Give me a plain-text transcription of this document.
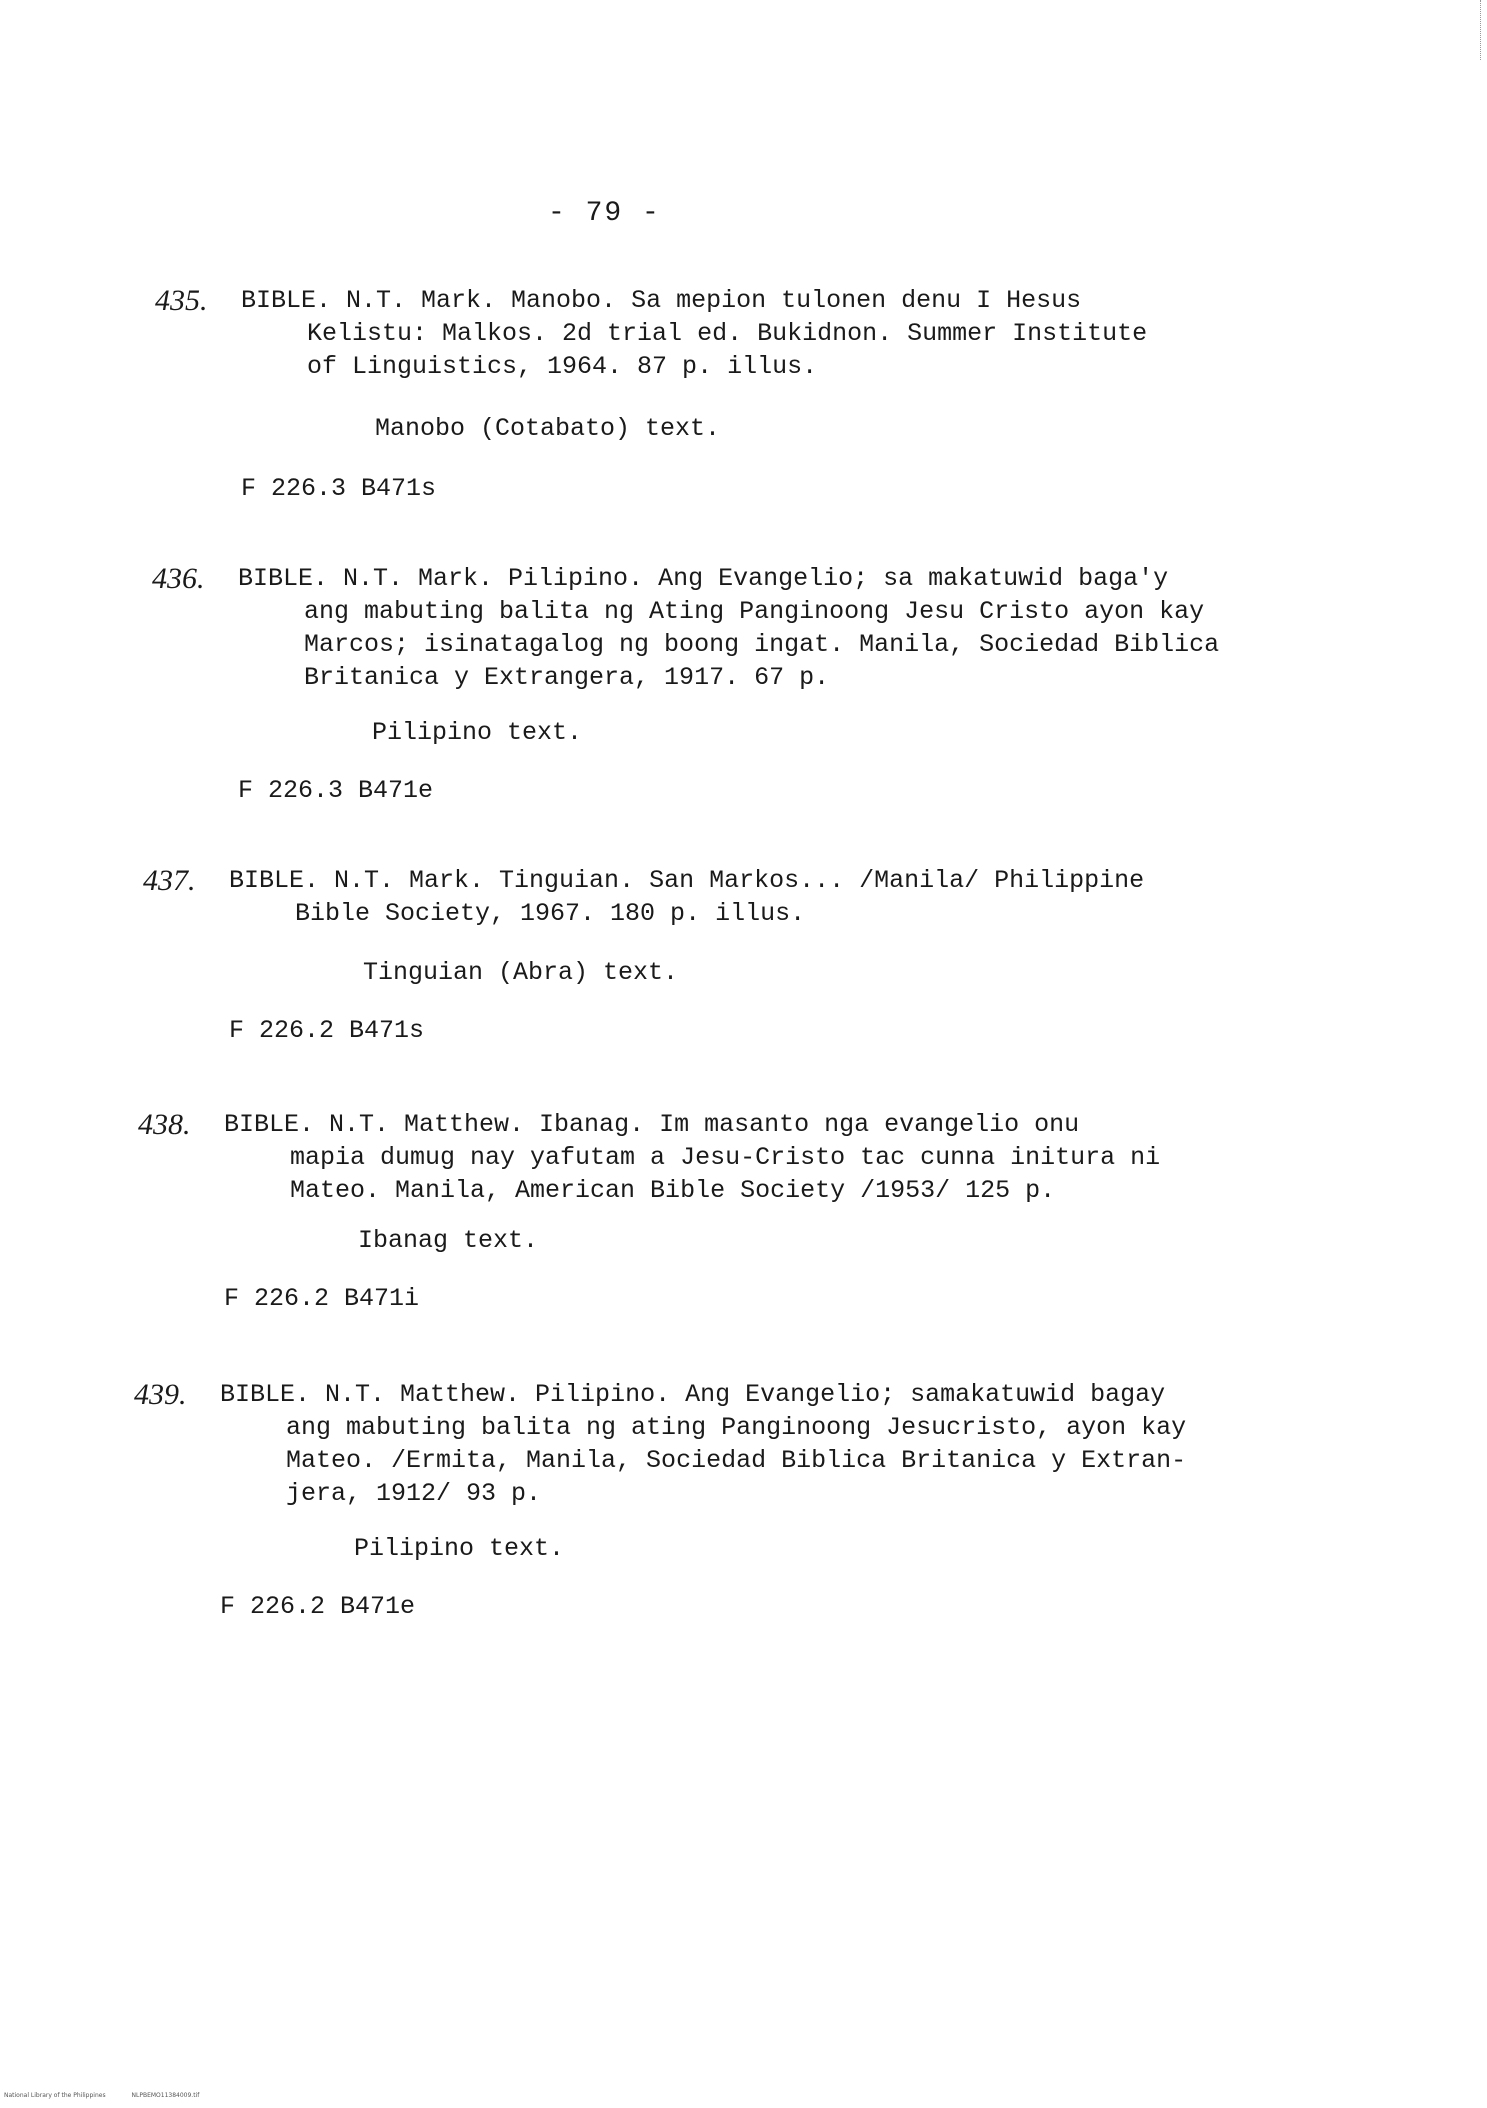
- 79 -
435. BIBLE. N.T. Mark. Manobo. Sa mepion tulonen denu I Hesus
Kelistu: Malkos. 2d trial ed. Bukidnon. Summer Institute
of Linguistics, 1964. 87 p. illus.
Manobo (Cotabato) text.
F 226.3 B471s
436. BIBLE. N.T. Mark. Pilipino. Ang Evangelio; sa makatuwid baga'y
ang mabuting balita ng Ating Panginoong Jesu Cristo ayon kay
Marcos; isinatagalog ng boong ingat. Manila, Sociedad Biblica
Britanica y Extrangera, 1917. 67 p.
Pilipino text.
F 226.3 B471e
437. BIBLE. N.T. Mark. Tinguian. San Markos... /Manila/ Philippine
Bible Society, 1967. 180 p. illus.
Tinguian (Abra) text.
F 226.2 B471s
438. BIBLE. N.T. Matthew. Ibanag. Im masanto nga evangelio onu
mapia dumug nay yafutam a Jesu-Cristo tac cunna initura ni
Mateo. Manila, American Bible Society /1953/ 125 p.
Ibanag text.
F 226.2 B471i
439. BIBLE. N.T. Matthew. Pilipino. Ang Evangelio; samakatuwid bagay
ang mabuting balita ng ating Panginoong Jesucristo, ayon kay
Mateo. /Ermita, Manila, Sociedad Biblica Britanica y Extran-
jera, 1912/ 93 p.
Pilipino text.
F 226.2 B471e
National Library of the Philippines	NLPBEMO11384009.tif
